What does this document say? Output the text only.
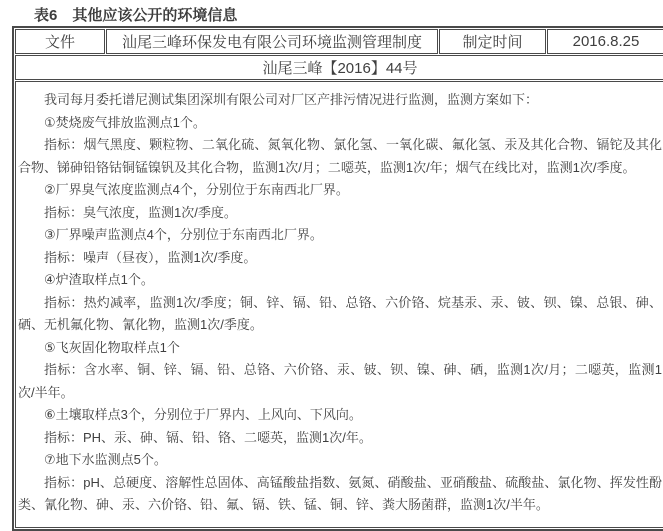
表6　其他应该公开的环境信息
文件	汕尾三峰环保发电有限公司环境监测管理制度	制定时间	2016.8.25
汕尾三峰【2016】44号

我司每月委托谱尼测试集团深圳有限公司对厂区产排污情况进行监测，监测方案如下：

①焚烧废气排放监测点1个。

指标：烟气黑度、颗粒物、二氧化硫、氮氧化物、氯化氢、一氧化碳、氟化氢、汞及其化合物、镉铊及其化合物、锑砷铅铬钴铜锰镍钒及其化合物，监测1次/月；二噁英，监测1次/年；烟气在线比对，监测1次/季度。

②厂界臭气浓度监测点4个，分别位于东南西北厂界。

指标：臭气浓度，监测1次/季度。

③厂界噪声监测点4个，分别位于东南西北厂界。

指标：噪声（昼夜），监测1次/季度。

④炉渣取样点1个。

指标：热灼减率，监测1次/季度；铜、锌、镉、铅、总铬、六价铬、烷基汞、汞、铍、钡、镍、总银、砷、硒、无机氟化物、氰化物，监测1次/季度。

⑤飞灰固化物取样点1个

指标：含水率、铜、锌、镉、铅、总铬、六价铬、汞、铍、钡、镍、砷、硒，监测1次/月；二噁英，监测1次/半年。

⑥土壤取样点3个，分别位于厂界内、上风向、下风向。

指标：PH、汞、砷、镉、铅、铬、二噁英，监测1次/年。

⑦地下水监测点5个。

指标：pH、总硬度、溶解性总固体、高锰酸盐指数、氨氮、硝酸盐、亚硝酸盐、硫酸盐、氯化物、挥发性酚类、氰化物、砷、汞、六价铬、铅、氟、镉、铁、锰、铜、锌、粪大肠菌群，监测1次/半年。
